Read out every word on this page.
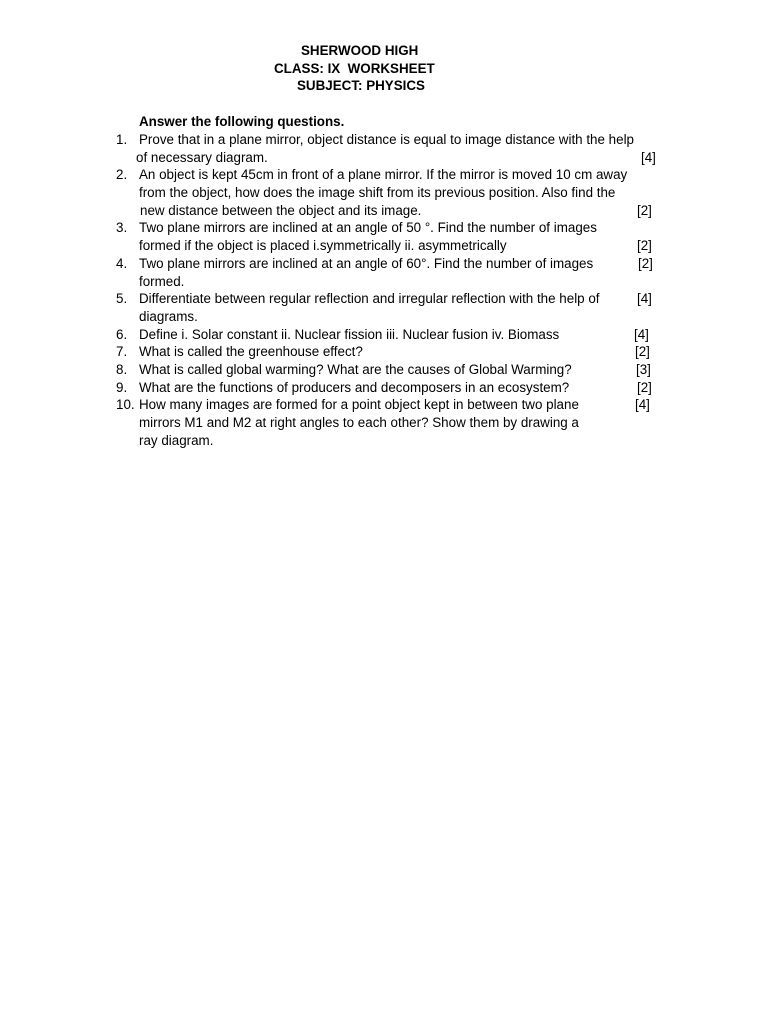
SHERWOOD HIGH
CLASS: IX  WORKSHEET
SUBJECT: PHYSICS
Answer the following questions.
1. Prove that in a plane mirror, object distance is equal to image distance with the help
of necessary diagram.	[4]
2. An object is kept 45cm in front of a plane mirror. If the mirror is moved 10 cm away
from the object, how does the image shift from its previous position. Also find the
new distance between the object and its image.	[2]
3. Two plane mirrors are inclined at an angle of 50 °. Find the number of images
formed if the object is placed i.symmetrically ii. asymmetrically	[2]
4. Two plane mirrors are inclined at an angle of 60°. Find the number of images	[2]
formed.
5. Differentiate between regular reflection and irregular reflection with the help of	[4]
diagrams.
6. Define i. Solar constant ii. Nuclear fission iii. Nuclear fusion iv. Biomass	[4]
7. What is called the greenhouse effect?	[2]
8. What is called global warming? What are the causes of Global Warming?	[3]
9. What are the functions of producers and decomposers in an ecosystem?	[2]
10. How many images are formed for a point object kept in between two plane	[4]
mirrors M1 and M2 at right angles to each other? Show them by drawing a
ray diagram.
